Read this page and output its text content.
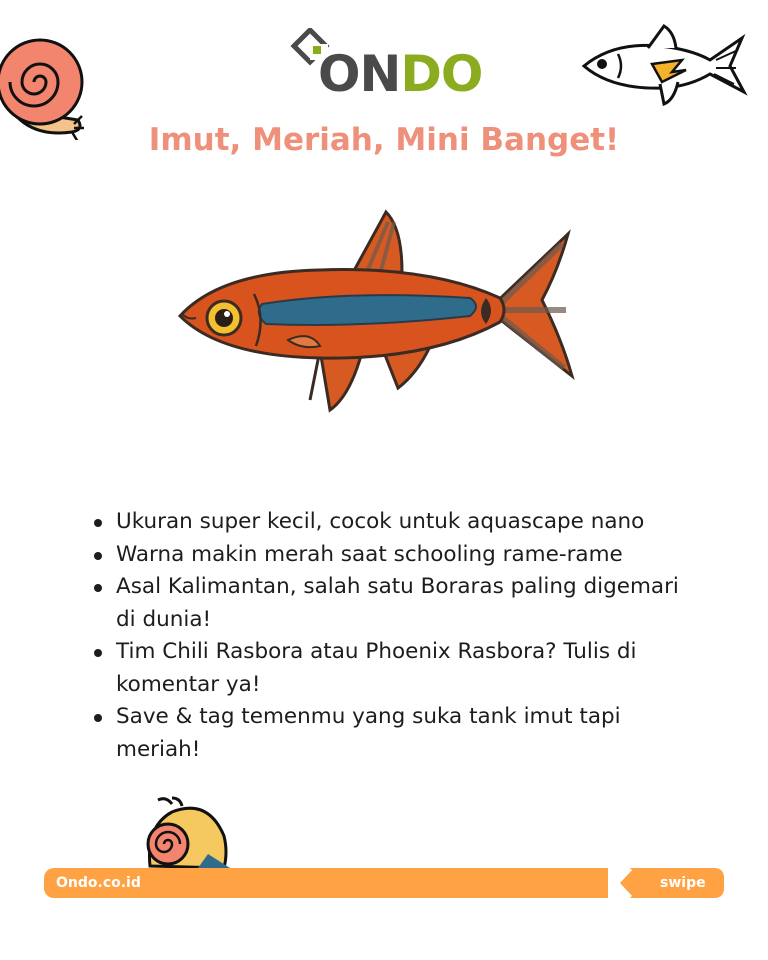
ONDO
Imut, Meriah, Mini Banget!
Ukuran super kecil, cocok untuk aquascape nano
Warna makin merah saat schooling rame-rame
Asal Kalimantan, salah satu Boraras paling digemari di dunia!
Tim Chili Rasbora atau Phoenix Rasbora? Tulis di komentar ya!
Save & tag temenmu yang suka tank imut tapi meriah!
Ondo.co.id	swipe
